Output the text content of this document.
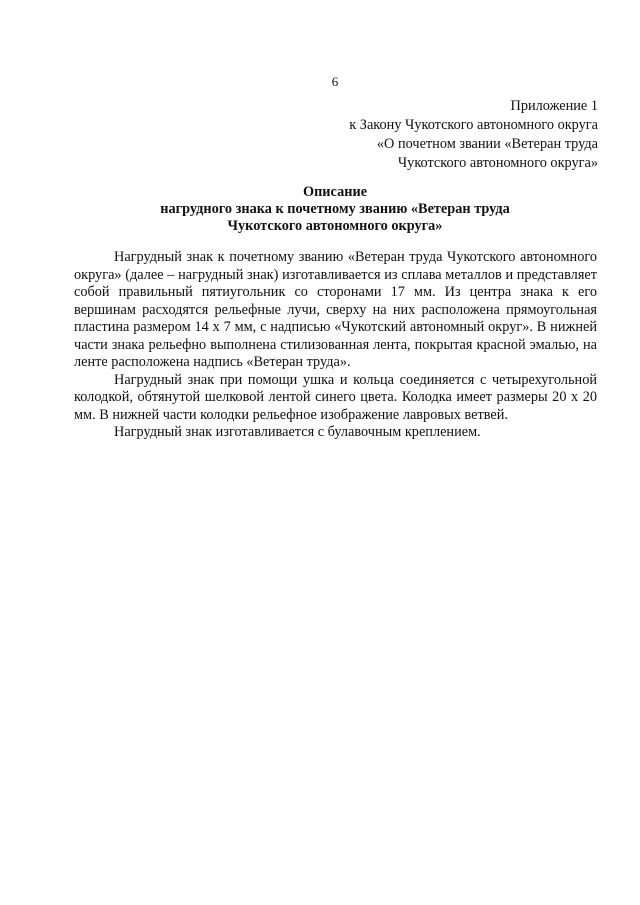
6
Приложение 1
к Закону Чукотского автономного округа
«О почетном звании «Ветеран труда
Чукотского автономного округа»
Описание
нагрудного знака к почетному званию «Ветеран труда
Чукотского автономного округа»

Нагрудный знак к почетному званию «Ветеран труда Чукотского автономного округа» (далее – нагрудный знак) изготавливается из сплава металлов и представляет собой правильный пятиугольник со сторонами 17 мм. Из центра знака к его вершинам расходятся рельефные лучи, сверху на них расположена прямоугольная пластина размером 14 х 7 мм, с надписью «Чукотский автономный округ». В нижней части знака рельефно выполнена стилизованная лента, покрытая красной эмалью, на ленте расположена надпись «Ветеран труда».

Нагрудный знак при помощи ушка и кольца соединяется с четырехугольной колодкой, обтянутой шелковой лентой синего цвета. Колодка имеет размеры 20 х 20 мм. В нижней части колодки рельефное изображение лавровых ветвей.

Нагрудный знак изготавливается с булавочным креплением.
